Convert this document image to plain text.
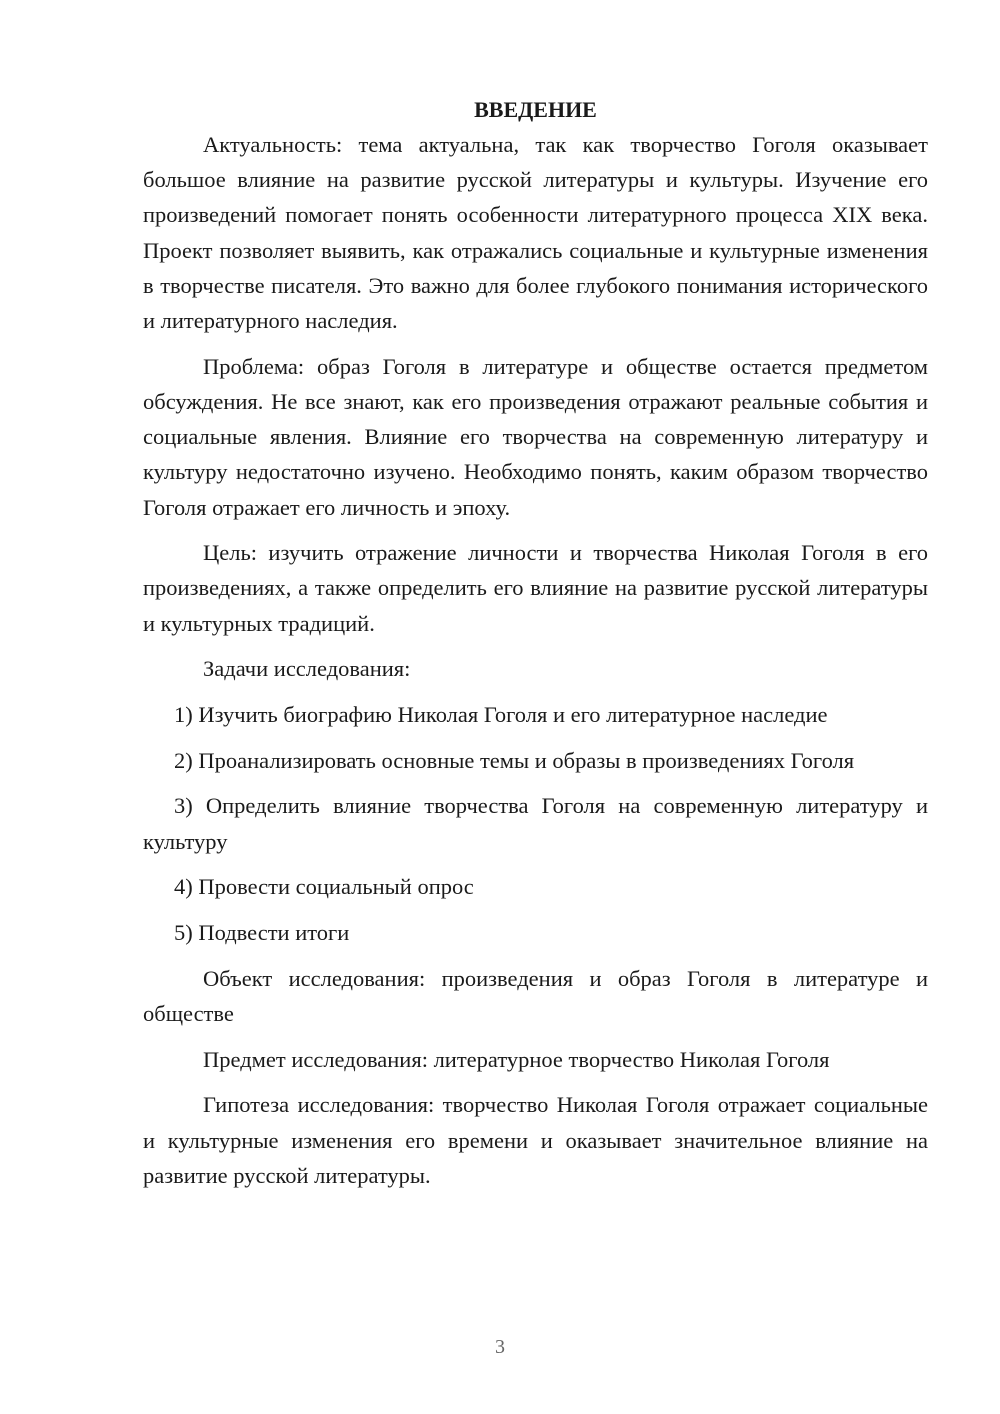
ВВЕДЕНИЕ

Актуальность: тема актуальна, так как творчество Гоголя оказывает большое влияние на развитие русской литературы и культуры. Изучение его произведений помогает понять особенности литературного процесса XIX века. Проект позволяет выявить, как отражались социальные и культурные изменения в творчестве писателя. Это важно для более глубокого понимания исторического и литературного наследия.

Проблема: образ Гоголя в литературе и обществе остается предметом обсуждения. Не все знают, как его произведения отражают реальные события и социальные явления. Влияние его творчества на современную литературу и культуру недостаточно изучено. Необходимо понять, каким образом творчество Гоголя отражает его личность и эпоху.

Цель: изучить отражение личности и творчества Николая Гоголя в его произведениях, а также определить его влияние на развитие русской литературы и культурных традиций.

Задачи исследования:

1) Изучить биографию Николая Гоголя и его литературное наследие

2) Проанализировать основные темы и образы в произведениях Гоголя

3) Определить влияние творчества Гоголя на современную литературу и культуру

4) Провести социальный опрос

5) Подвести итоги

Объект исследования: произведения и образ Гоголя в литературе и обществе

Предмет исследования: литературное творчество Николая Гоголя

Гипотеза исследования: творчество Николая Гоголя отражает социальные и культурные изменения его времени и оказывает значительное влияние на развитие русской литературы.

3
